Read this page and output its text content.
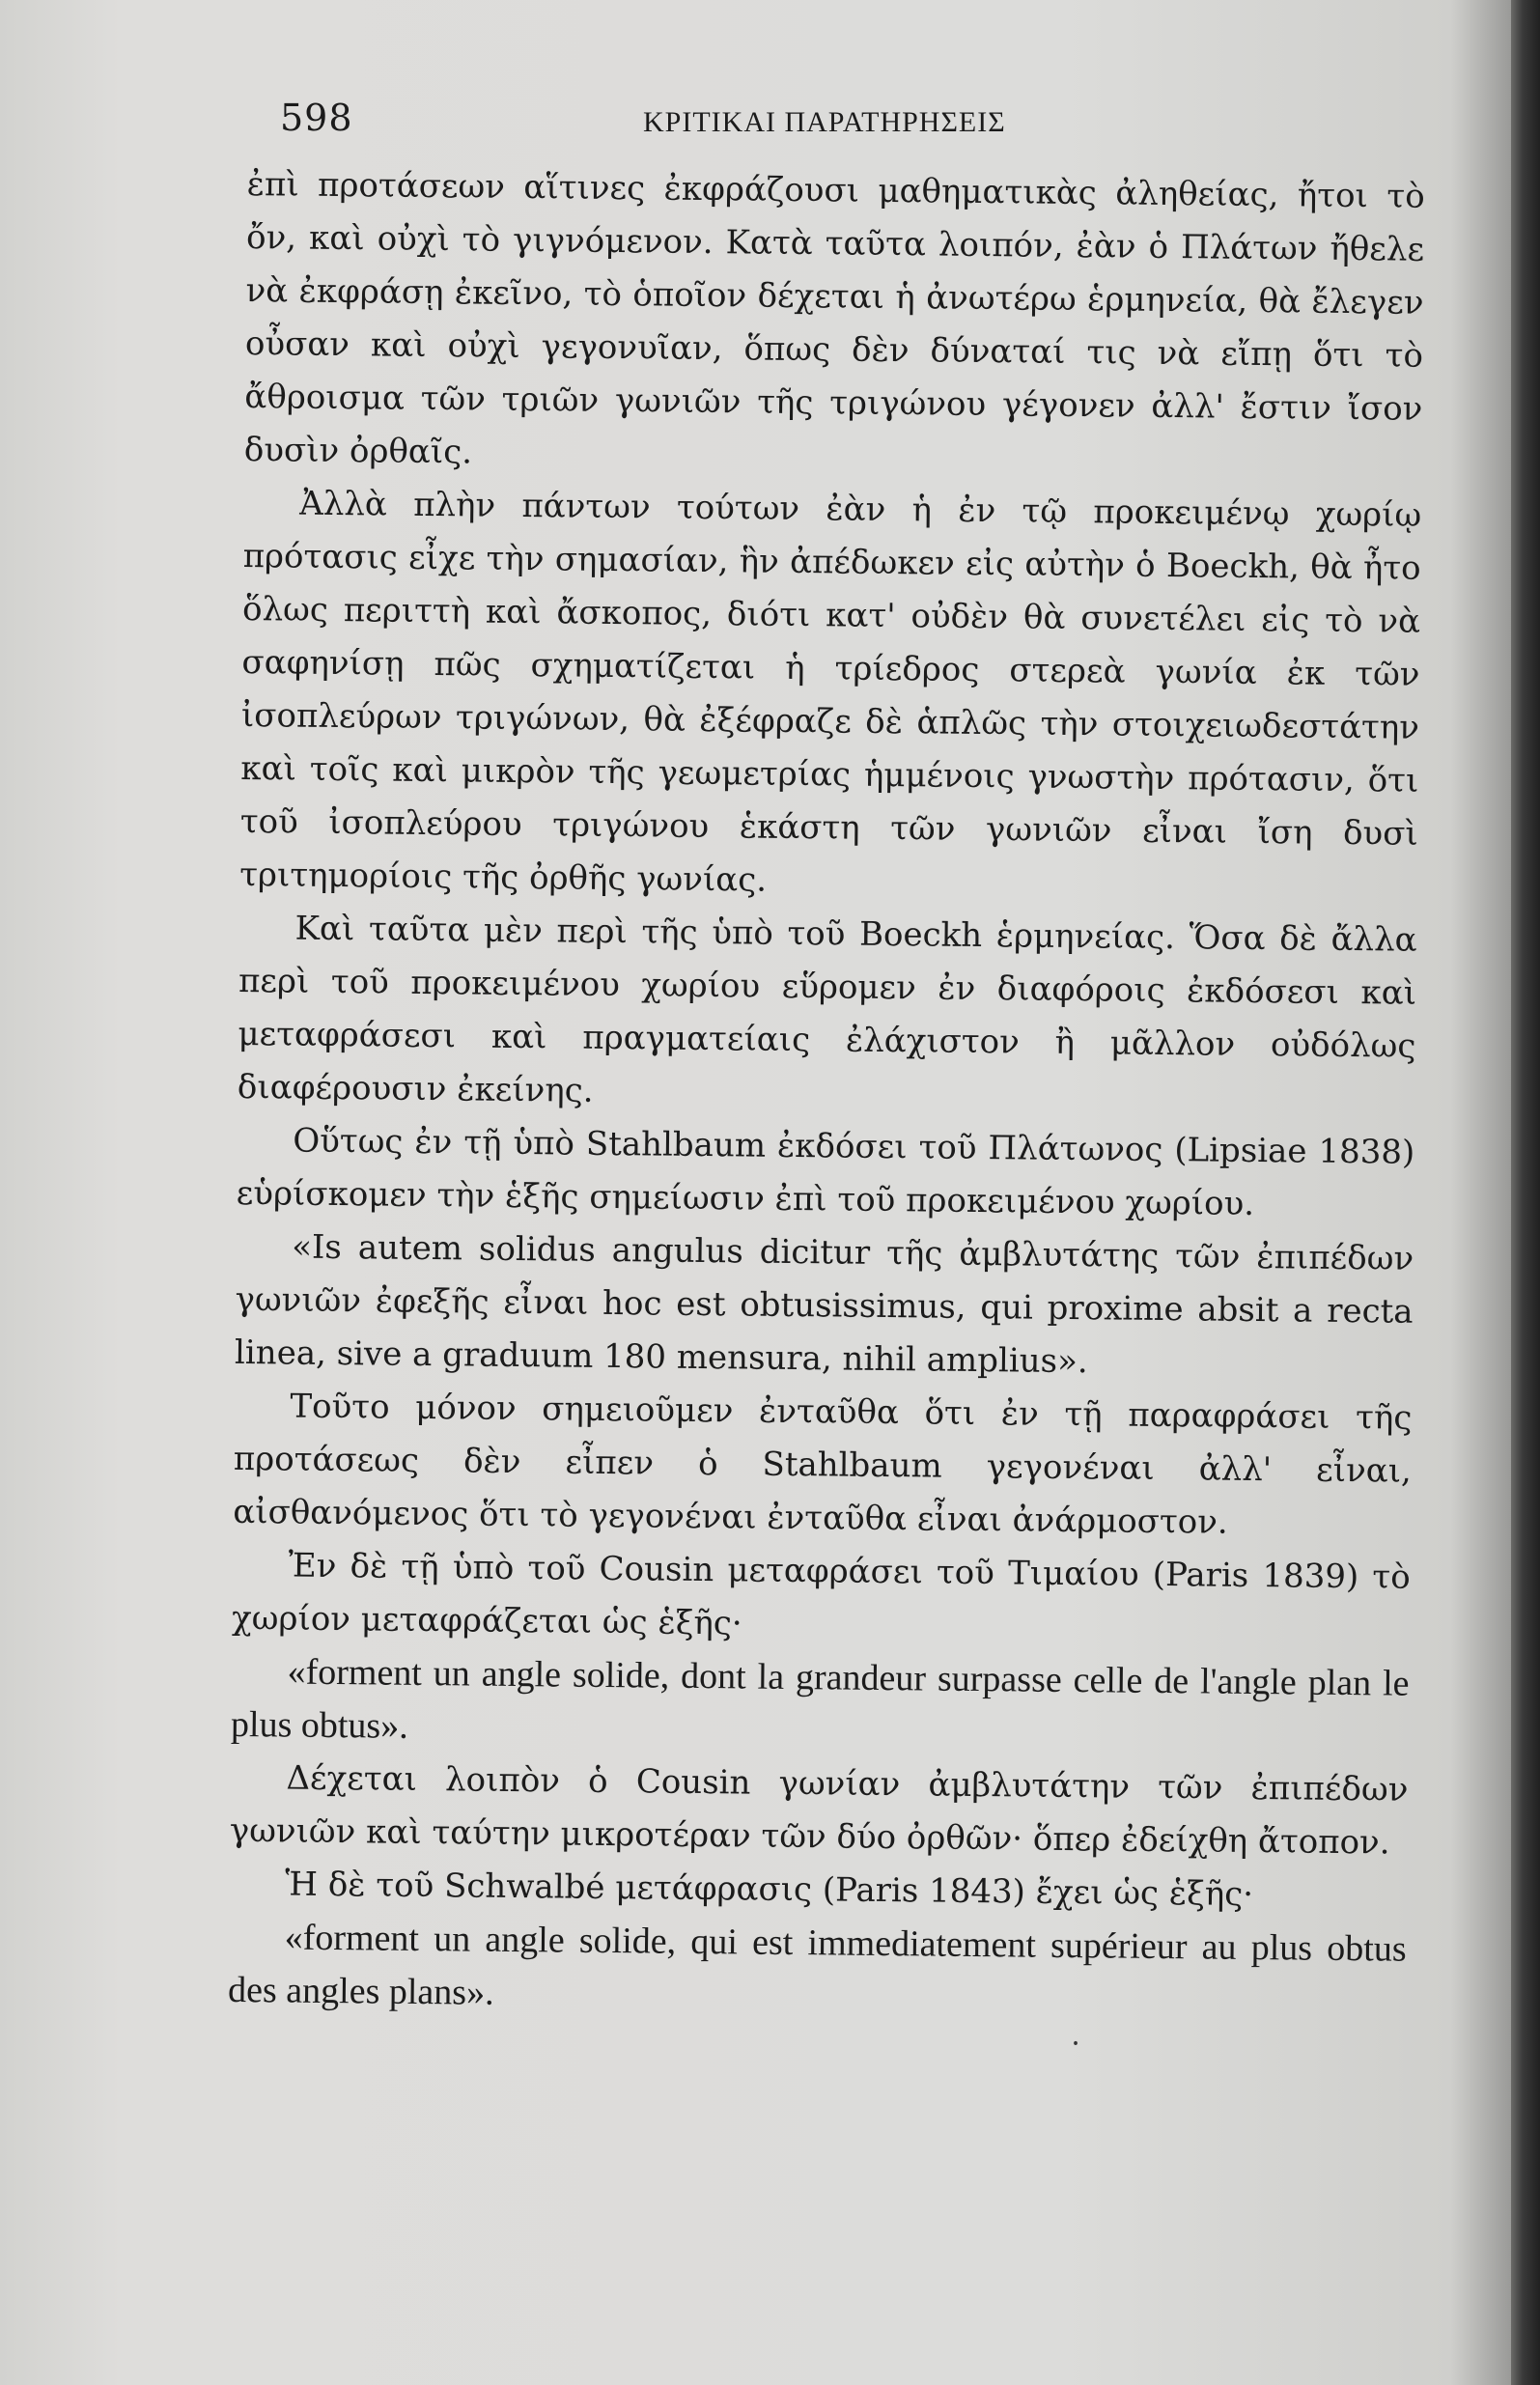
598	ΚΡΙΤΙΚΑΙ ΠΑΡΑΤΗΡΗΣΕΙΣ

ἐπὶ προτάσεων αἵτινες ἐκφράζουσι μαθηματικὰς ἀληθείας, ἤτοι τὸ ὄν, καὶ οὐχὶ τὸ γιγνόμενον. Κατὰ ταῦτα λοιπόν, ἐὰν ὁ Πλάτων ἤθελε νὰ ἐκφράσῃ ἐκεῖνο, τὸ ὁποῖον δέχεται ἡ ἀνωτέρω ἑρμηνεία, θὰ ἔλεγεν οὖσαν καὶ οὐχὶ γεγονυῖαν, ὅπως δὲν δύναταί τις νὰ εἴπῃ ὅτι τὸ ἄθροισμα τῶν τριῶν γωνιῶν τῆς τριγώνου γέγονεν ἀλλ' ἔστιν ἴσον δυσὶν ὀρθαῖς.

Ἀλλὰ πλὴν πάντων τούτων ἐὰν ἡ ἐν τῷ προκειμένῳ χωρίῳ πρότασις εἶχε τὴν σημασίαν, ἣν ἀπέδωκεν εἰς αὐτὴν ὁ Boeckh, θὰ ἦτο ὅλως περιττὴ καὶ ἄσκοπος, διότι κατ' οὐδὲν θὰ συνετέλει εἰς τὸ νὰ σαφηνίσῃ πῶς σχηματίζεται ἡ τρίεδρος στερεὰ γωνία ἐκ τῶν ἰσοπλεύρων τριγώνων, θὰ ἐξέφραζε δὲ ἁπλῶς τὴν στοιχειωδεστάτην καὶ τοῖς καὶ μικρὸν τῆς γεωμετρίας ἡμμένοις γνωστὴν πρότασιν, ὅτι τοῦ ἰσοπλεύρου τριγώνου ἑκάστη τῶν γωνιῶν εἶναι ἴση δυσὶ τριτημορίοις τῆς ὀρθῆς γωνίας.

Καὶ ταῦτα μὲν περὶ τῆς ὑπὸ τοῦ Boeckh ἑρμηνείας. Ὅσα δὲ ἄλλα περὶ τοῦ προκειμένου χωρίου εὕρομεν ἐν διαφόροις ἐκδόσεσι καὶ μεταφράσεσι καὶ πραγματείαις ἐλάχιστον ἢ μᾶλλον οὐδόλως διαφέρουσιν ἐκείνης.

Οὕτως ἐν τῇ ὑπὸ Stahlbaum ἐκδόσει τοῦ Πλάτωνος (Lipsiae 1838) εὑρίσκομεν τὴν ἑξῆς σημείωσιν ἐπὶ τοῦ προκειμένου χωρίου.

«Is autem solidus angulus dicitur τῆς ἀμβλυτάτης τῶν ἐπιπέδων γωνιῶν ἐφεξῆς εἶναι hoc est obtusissimus, qui proxime absit a recta linea, sive a graduum 180 mensura, nihil amplius».

Τοῦτο μόνον σημειοῦμεν ἐνταῦθα ὅτι ἐν τῇ παραφράσει τῆς προτάσεως δὲν εἶπεν ὁ Stahlbaum γεγονέναι ἀλλ' εἶναι, αἰσθανόμενος ὅτι τὸ γεγονέναι ἐνταῦθα εἶναι ἀνάρμοστον.

Ἐν δὲ τῇ ὑπὸ τοῦ Cousin μεταφράσει τοῦ Τιμαίου (Paris 1839) τὸ χωρίον μεταφράζεται ὡς ἑξῆς·

«forment un angle solide, dont la grandeur surpasse celle de l'angle plan le plus obtus».

Δέχεται λοιπὸν ὁ Cousin γωνίαν ἀμβλυτάτην τῶν ἐπιπέδων γωνιῶν καὶ ταύτην μικροτέραν τῶν δύο ὀρθῶν· ὅπερ ἐδείχθη ἄτοπον.

Ἡ δὲ τοῦ Schwalbé μετάφρασις (Paris 1843) ἔχει ὡς ἑξῆς·

«forment un angle solide, qui est immediatement supérieur au plus obtus des angles plans».

⸳
